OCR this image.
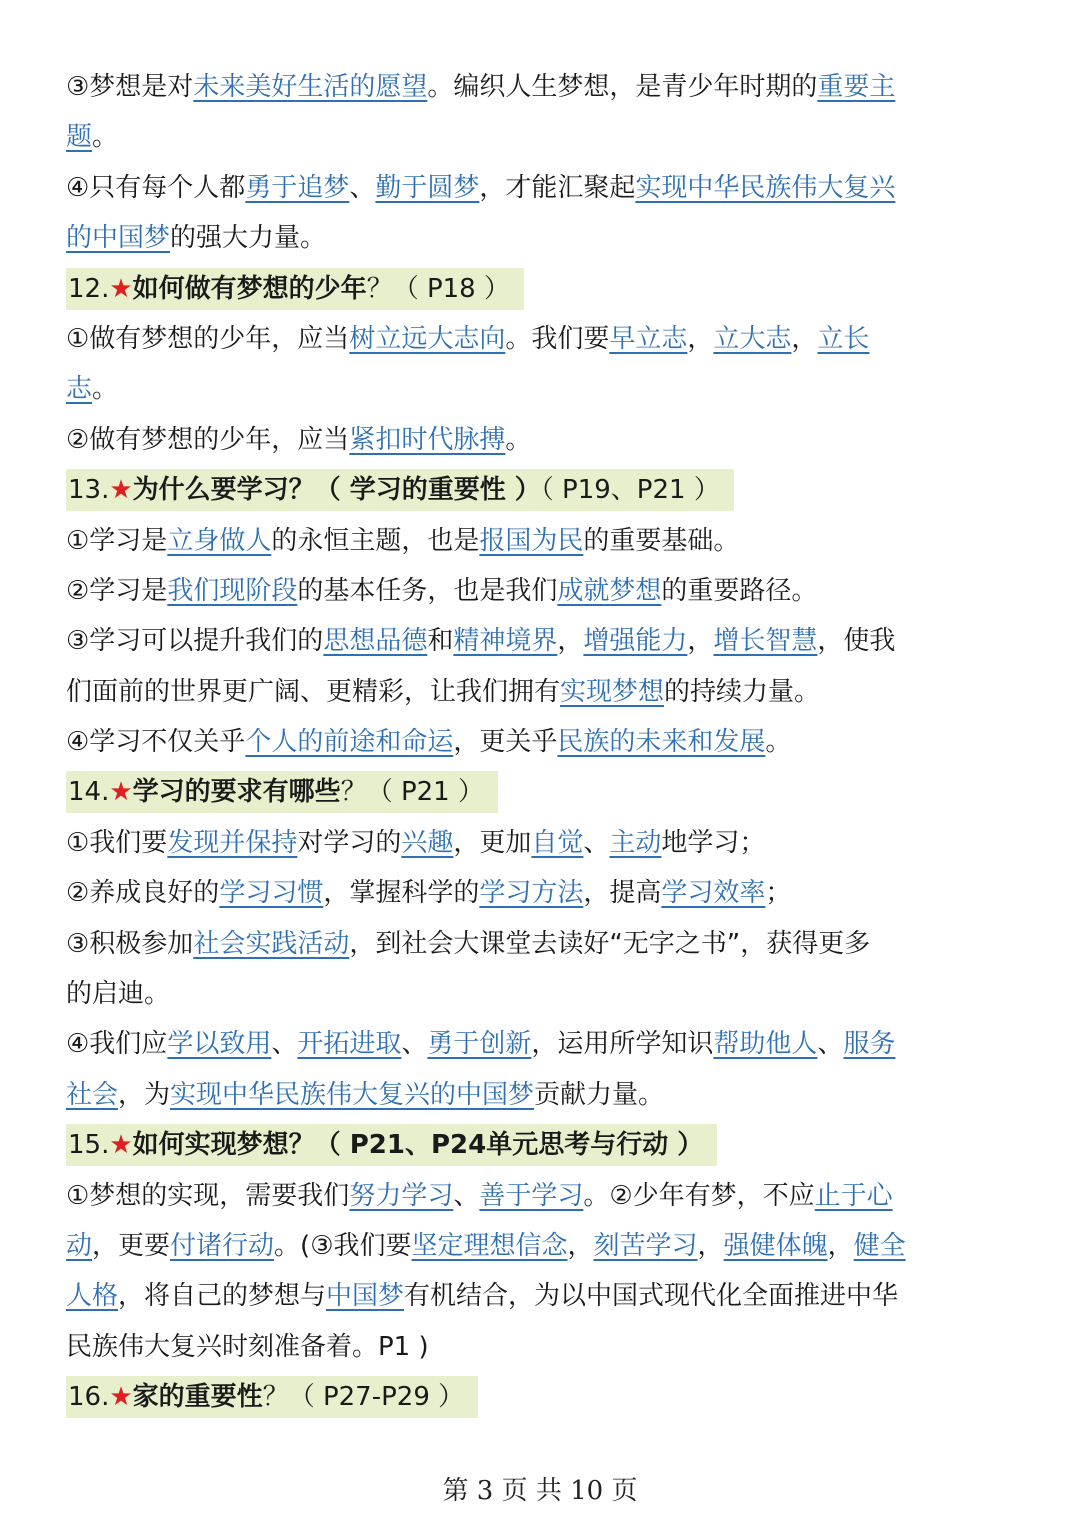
③梦想是对未来美好生活的愿望。编织人生梦想，是青少年时期的重要主
题。
④只有每个人都勇于追梦、勤于圆梦，才能汇聚起实现中华民族伟大复兴
的中国梦的强大力量。
12.★如何做有梦想的少年？（ P18 ）
①做有梦想的少年，应当树立远大志向。我们要早立志，立大志，立长
志。
②做有梦想的少年，应当紧扣时代脉搏。
13.★为什么要学习？（ 学习的重要性 ）（ P19、P21 ）
①学习是立身做人的永恒主题，也是报国为民的重要基础。
②学习是我们现阶段的基本任务，也是我们成就梦想的重要路径。
③学习可以提升我们的思想品德和精神境界，增强能力，增长智慧，使我
们面前的世界更广阔、更精彩，让我们拥有实现梦想的持续力量。
④学习不仅关乎个人的前途和命运，更关乎民族的未来和发展。
14.★学习的要求有哪些？（ P21 ）
①我们要发现并保持对学习的兴趣，更加自觉、主动地学习；
②养成良好的学习习惯，掌握科学的学习方法，提高学习效率；
③积极参加社会实践活动，到社会大课堂去读好“无字之书”，获得更多
的启迪。
④我们应学以致用、开拓进取、勇于创新，运用所学知识帮助他人、服务
社会，为实现中华民族伟大复兴的中国梦贡献力量。
15.★如何实现梦想？（ P21、P24单元思考与行动 ）
①梦想的实现，需要我们努力学习、善于学习。②少年有梦，不应止于心
动，更要付诸行动。(③我们要坚定理想信念，刻苦学习，强健体魄，健全
人格，将自己的梦想与中国梦有机结合，为以中国式现代化全面推进中华
民族伟大复兴时刻准备着。P1 )
16.★家的重要性？（ P27-P29 ）
第 3 页 共 10 页
